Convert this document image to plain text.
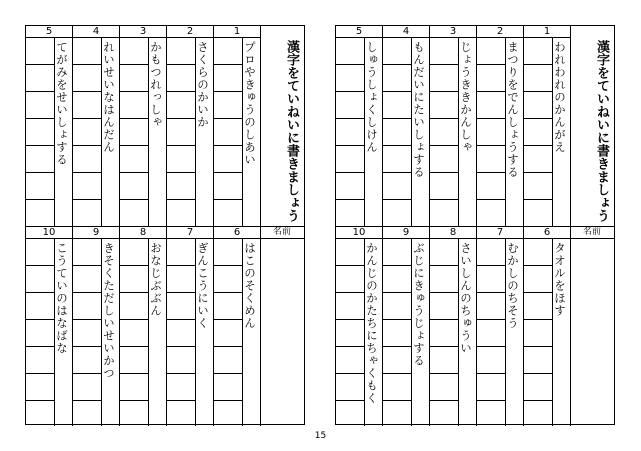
漢字をていねいに書きましょう
1
プロやきゅうのしあい
2
さくらのかいか
3
かもつれっしゃ
4
れいせいなはんだん
5
てがみをせいしょする
名前
6
はこのそくめん
7
ぎんこうにいく
8
おなじぶぶん
9
きそくただしいせいかつ
10
こうていのはなばな
漢字をていねいに書きましょう
1
われわれのかんがえ
2
まつりをでんしょうする
3
じょうききかんしゃ
4
もんだいにたいしょする
5
しゅうしょくしけん
名前
6
タオルをほす
7
むかしのちそう
8
さいしんのちゅうい
9
ぶじにきゅうじょする
10
かんじのかたちにちゃくもく
15
